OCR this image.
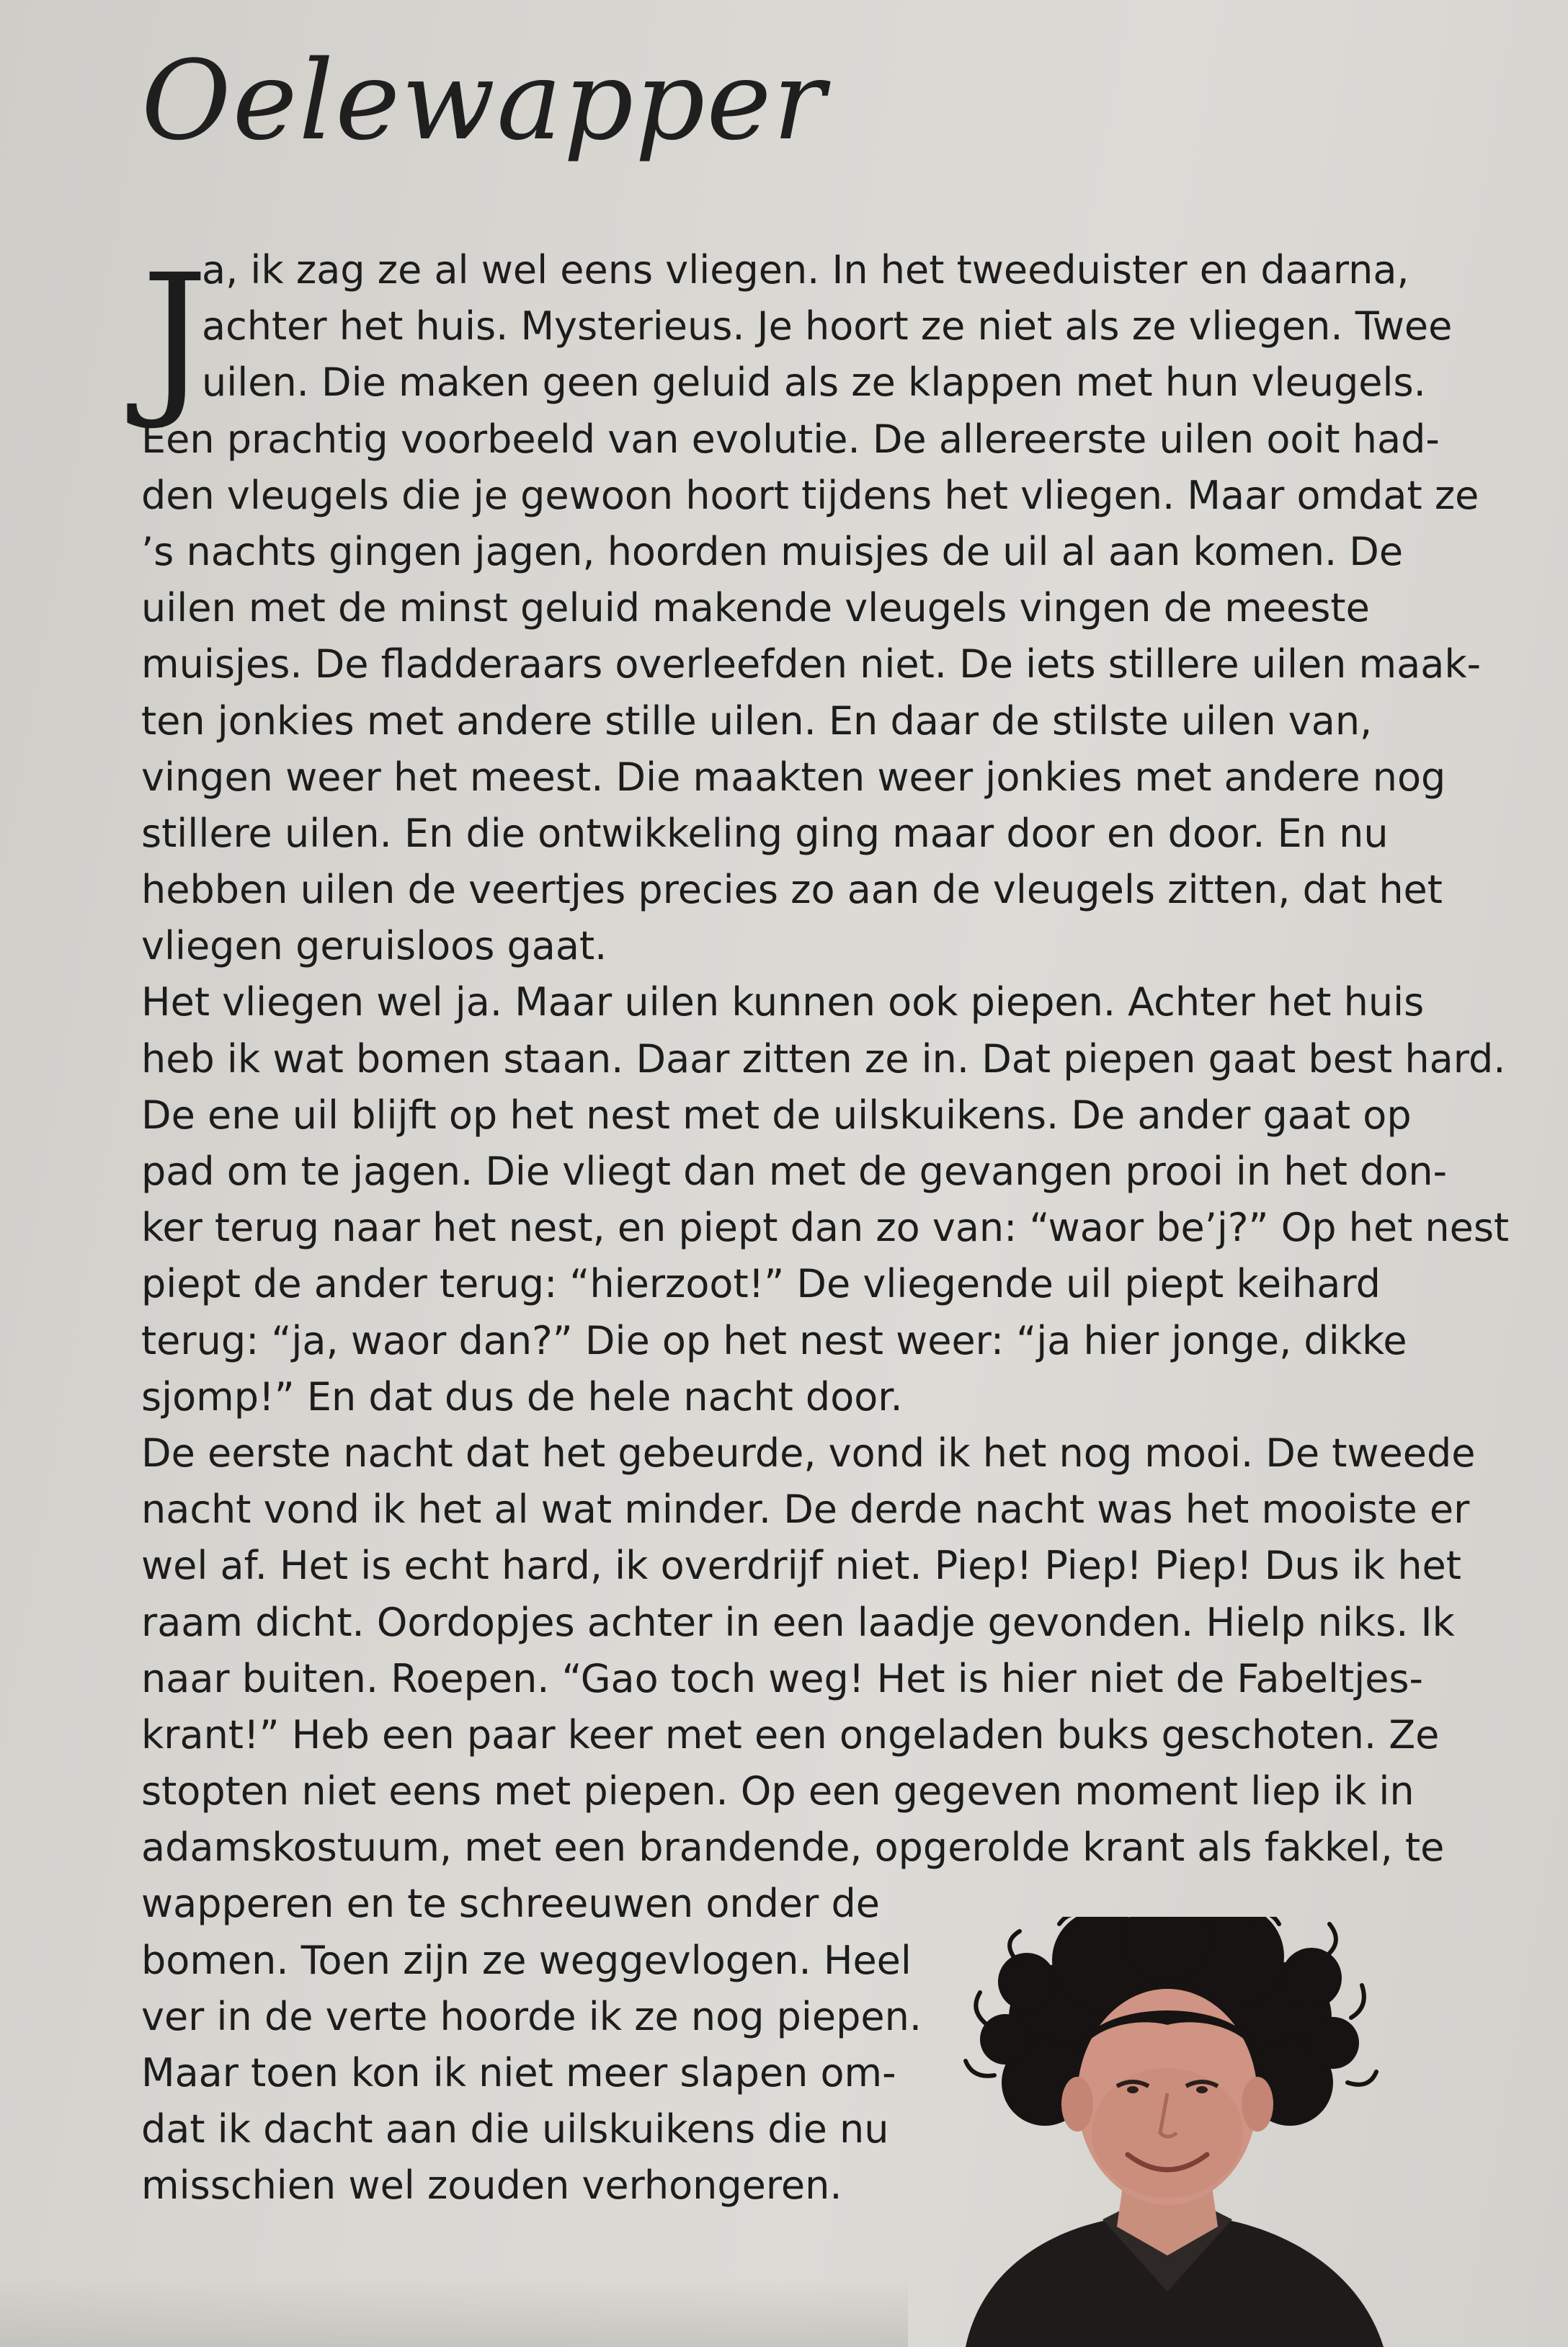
Oelewapper
J
a, ik zag ze al wel eens vliegen. In het tweeduister en daarna,
achter het huis. Mysterieus. Je hoort ze niet als ze vliegen. Twee
uilen. Die maken geen geluid als ze klappen met hun vleugels.
Een prachtig voorbeeld van evolutie. De allereerste uilen ooit had-
den vleugels die je gewoon hoort tijdens het vliegen. Maar omdat ze
’s nachts gingen jagen, hoorden muisjes de uil al aan komen. De
uilen met de minst geluid makende vleugels vingen de meeste
muisjes. De fladderaars overleefden niet. De iets stillere uilen maak-
ten jonkies met andere stille uilen. En daar de stilste uilen van,
vingen weer het meest. Die maakten weer jonkies met andere nog
stillere uilen. En die ontwikkeling ging maar door en door. En nu
hebben uilen de veertjes precies zo aan de vleugels zitten, dat het
vliegen geruisloos gaat.
Het vliegen wel ja. Maar uilen kunnen ook piepen. Achter het huis
heb ik wat bomen staan. Daar zitten ze in. Dat piepen gaat best hard.
De ene uil blijft op het nest met de uilskuikens. De ander gaat op
pad om te jagen. Die vliegt dan met de gevangen prooi in het don-
ker terug naar het nest, en piept dan zo van: “waor be’j?” Op het nest
piept de ander terug: “hierzoot!” De vliegende uil piept keihard
terug: “ja, waor dan?” Die op het nest weer: “ja hier jonge, dikke
sjomp!” En dat dus de hele nacht door.
De eerste nacht dat het gebeurde, vond ik het nog mooi. De tweede
nacht vond ik het al wat minder. De derde nacht was het mooiste er
wel af. Het is echt hard, ik overdrijf niet. Piep! Piep! Piep! Dus ik het
raam dicht. Oordopjes achter in een laadje gevonden. Hielp niks. Ik
naar buiten. Roepen. “Gao toch weg! Het is hier niet de Fabeltjes-
krant!” Heb een paar keer met een ongeladen buks geschoten. Ze
stopten niet eens met piepen. Op een gegeven moment liep ik in
adamskostuum, met een brandende, opgerolde krant als fakkel, te
wapperen en te schreeuwen onder de
bomen. Toen zijn ze weggevlogen. Heel
ver in de verte hoorde ik ze nog piepen.
Maar toen kon ik niet meer slapen om-
dat ik dacht aan die uilskuikens die nu
misschien wel zouden verhongeren.
